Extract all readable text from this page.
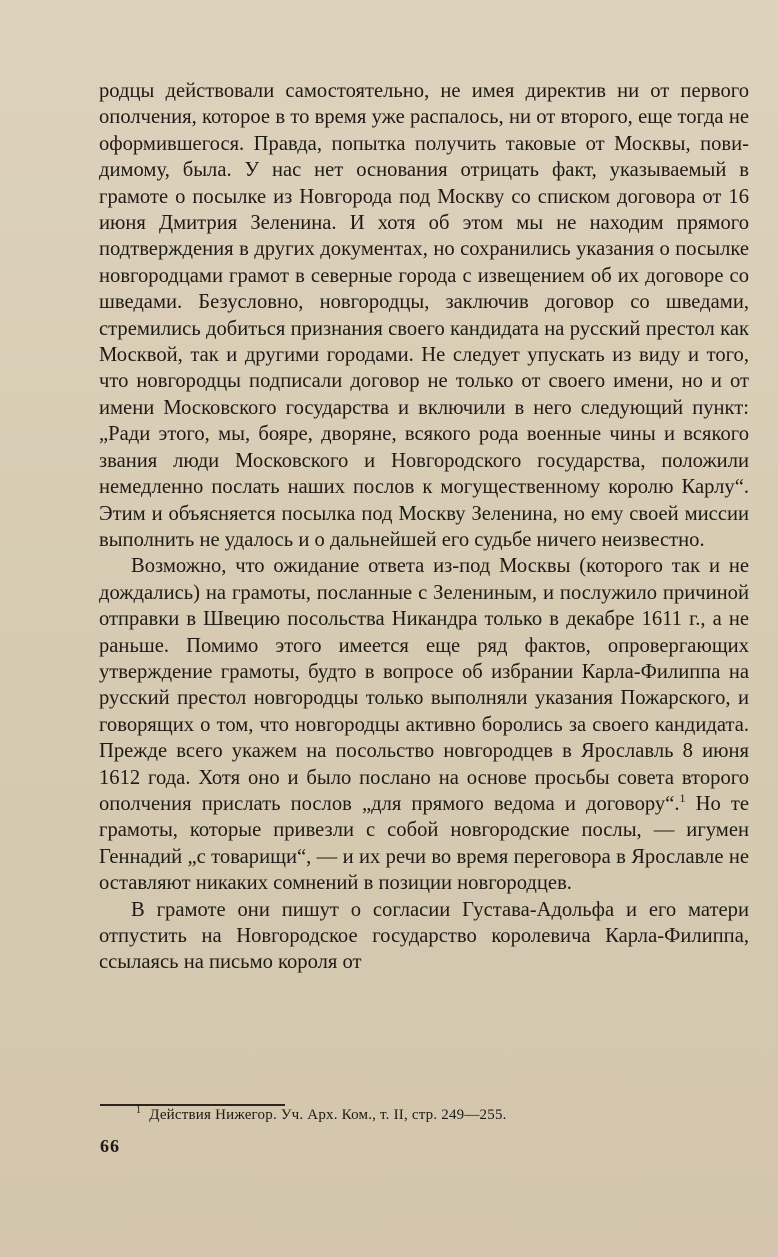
родцы действовали самостоятельно, не имея директив ни от первого ополчения, которое в то время уже распалось, ни от второго, еще тогда не оформившегося. Правда, попытка получить таковые от Москвы, повидимому, была. У нас нет основания отрицать факт, указываемый в грамоте о посылке из Новгорода под Москву со списком договора от 16 июня Дмитрия Зеленина. И хотя об этом мы не находим прямого подтверждения в других документах, но сохранились указания о посылке новгородцами грамот в северные города с извещением об их договоре со шведами. Безусловно, новгородцы, заключив договор со шведами, стремились добиться признания своего кандидата на русский престол как Москвой, так и другими городами. Не следует упускать из виду и того, что новгородцы подписали договор не только от своего имени, но и от имени Московского государства и включили в него следующий пункт: „Ради этого, мы, бояре, дворяне, всякого рода военные чины и всякого звания люди Московского и Новгородского государства, положили немедленно послать наших послов к могущественному королю Карлу“. Этим и объясняется посылка под Москву Зеленина, но ему своей миссии выполнить не удалось и о дальнейшей его судьбе ничего неизвестно.

Возможно, что ожидание ответа из-под Москвы (которого так и не дождались) на грамоты, посланные с Зелениным, и послужило причиной отправки в Швецию посольства Никандра только в декабре 1611 г., а не раньше. Помимо этого имеется еще ряд фактов, опровергающих утверждение грамоты, будто в вопросе об избрании Карла-Филиппа на русский престол новгородцы только выполняли указания Пожарского, и говорящих о том, что новгородцы активно боролись за своего кандидата. Прежде всего укажем на посольство новгородцев в Ярославль 8 июня 1612 года. Хотя оно и было послано на основе просьбы совета второго ополчения прислать послов „для прямого ведома и договору“.$^1$ Но те грамоты, которые привезли с собой новгородские послы, — игумен Геннадий „с товарищи“, — и их речи во время переговора в Ярославле не оставляют никаких сомнений в позиции новгородцев.

В грамоте они пишут о согласии Густава-Адольфа и его матери отпустить на Новгородское государство королевича Карла-Филиппа, ссылаясь на письмо короля от

$^1$ Действия Нижегор. Уч. Арх. Ком., т. II, стр. 249—255.
66
